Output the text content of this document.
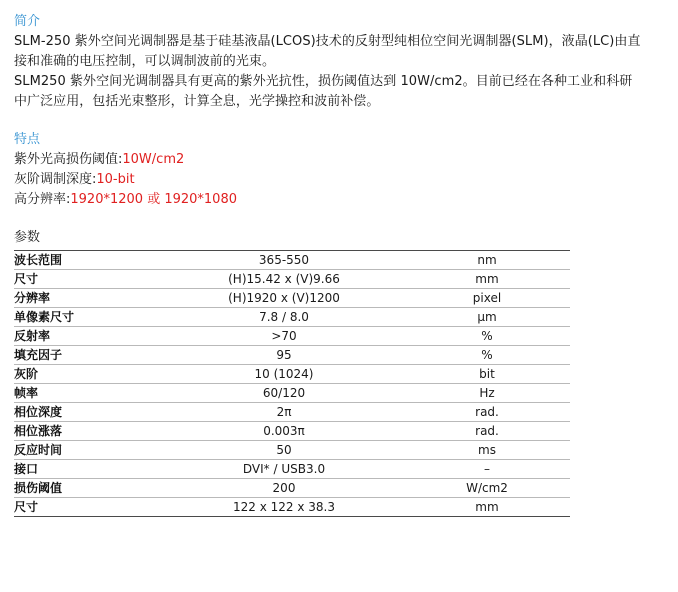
简介

SLM-250 紫外空间光调制器是基于硅基液晶(LCOS)技术的反射型纯相位空间光调制器(SLM)，液晶(LC)由直

接和准确的电压控制，可以调制波前的光束。

SLM250 紫外空间光调制器具有更高的紫外光抗性，损伤阈值达到 10W/cm2。目前已经在各种工业和科研

中广泛应用，包括光束整形，计算全息，光学操控和波前补偿。

特点

紫外光高损伤阈值:10W/cm2

灰阶调制深度:10-bit

高分辨率:1920*1200 或 1920*1080

参数

波长范围	365-550	nm
尺寸	(H)15.42 x (V)9.66	mm
分辨率	(H)1920 x (V)1200	pixel
单像素尺寸	7.8 / 8.0	μm
反射率	>70	%
填充因子	95	%
灰阶	10 (1024)	bit
帧率	60/120	Hz
相位深度	2π	rad.
相位涨落	0.003π	rad.
反应时间	50	ms
接口	DVI* / USB3.0	–
损伤阈值	200	W/cm2
尺寸	122 x 122 x 38.3	mm
